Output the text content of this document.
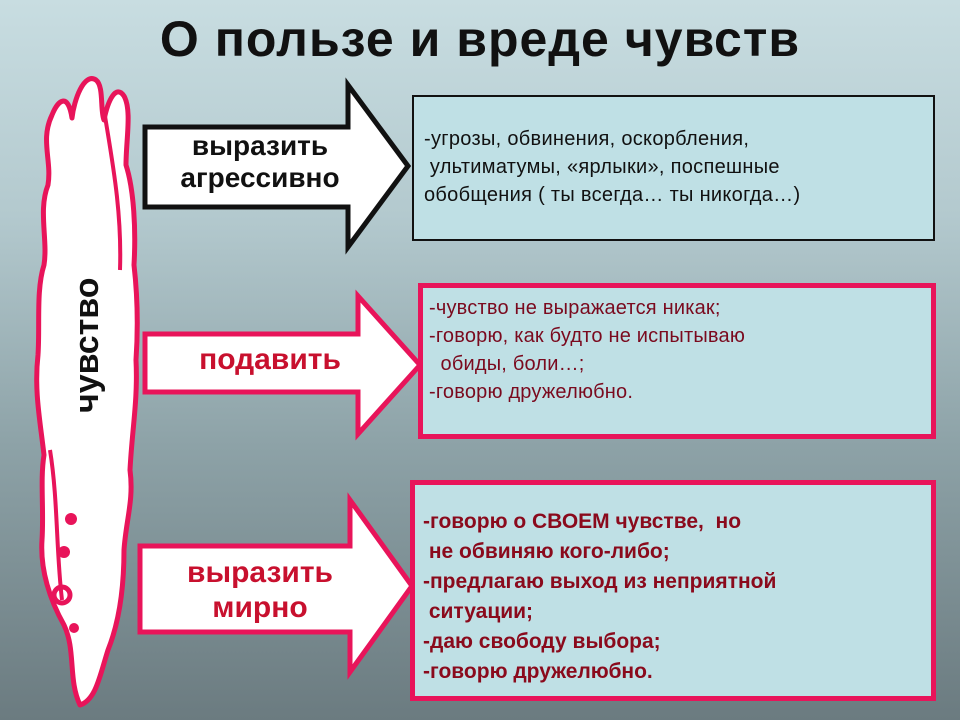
О пользе и вреде чувств
чувство
выразить
агрессивно
подавить
выразить
мирно
-угрозы, обвинения, оскорбления,
ультиматумы, «ярлыки», поспешные
обобщения ( ты всегда… ты никогда…)
-чувство не выражается никак;
-говорю, как будто не испытываю
обиды, боли…;
-говорю дружелюбно.
-говорю о СВОЕМ чувстве,  но
не обвиняю кого-либо;
-предлагаю выход из неприятной
ситуации;
-даю свободу выбора;
-говорю дружелюбно.
